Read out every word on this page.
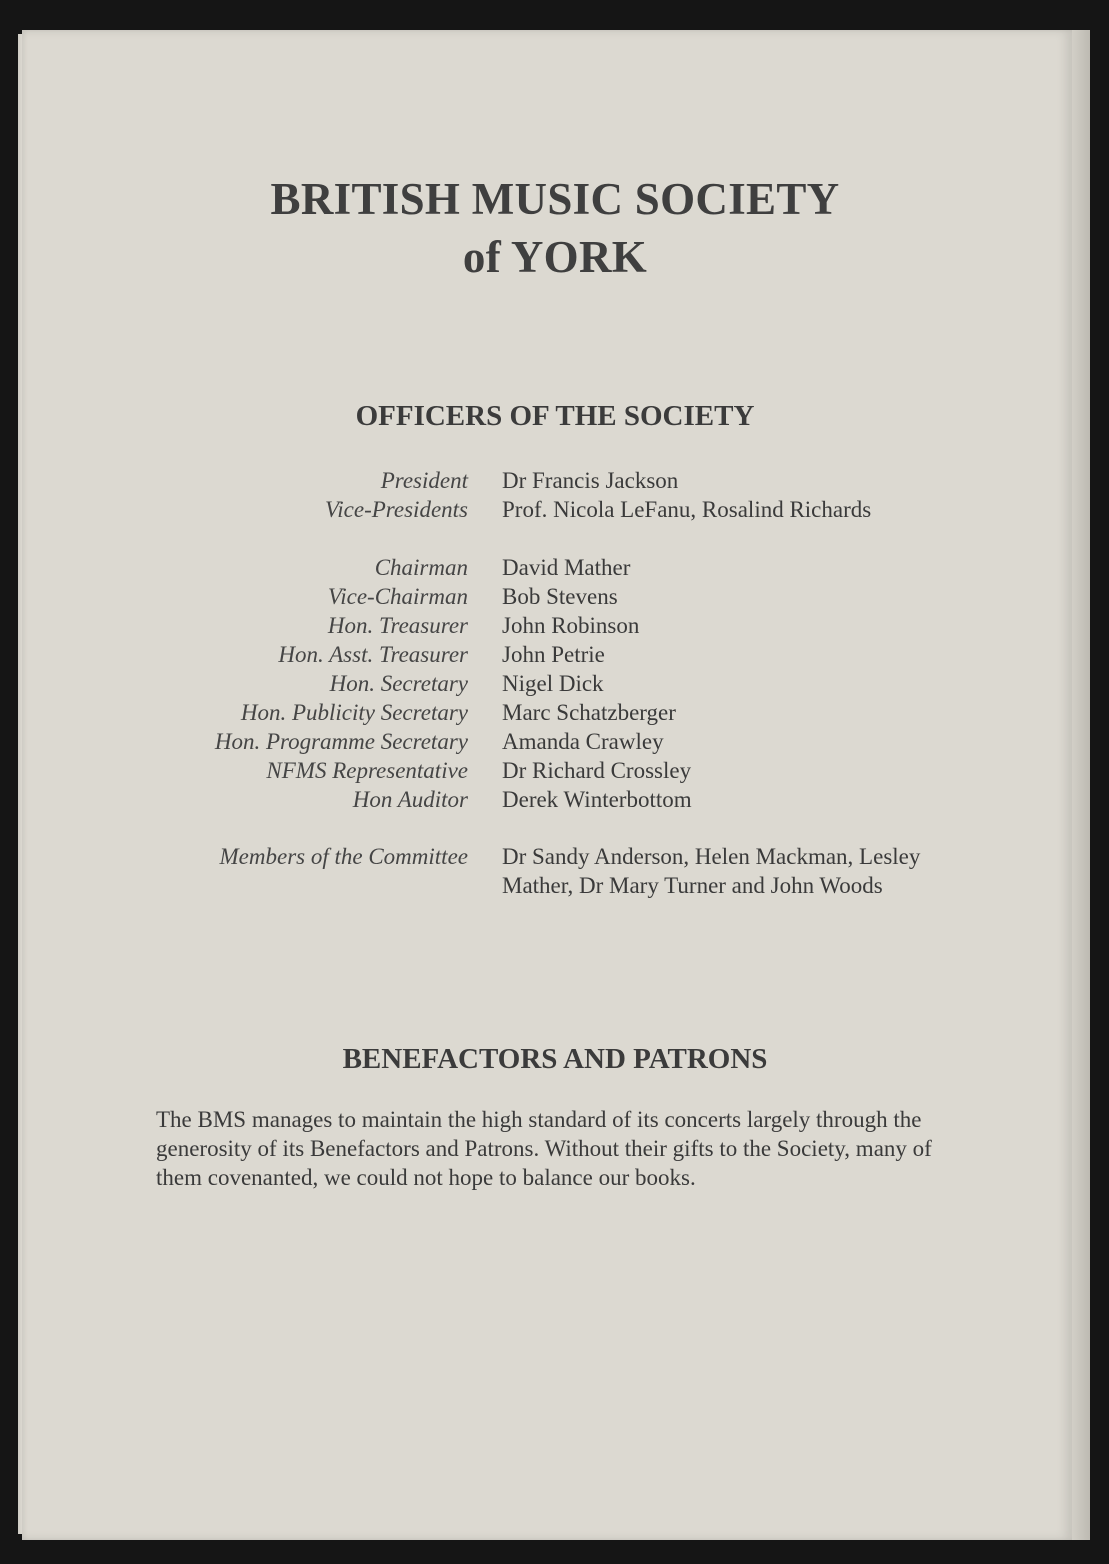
BRITISH MUSIC SOCIETY
of YORK
OFFICERS OF THE SOCIETY
President Dr Francis Jackson
Vice-Presidents Prof. Nicola LeFanu, Rosalind Richards
Chairman David Mather
Vice-Chairman Bob Stevens
Hon. Treasurer John Robinson
Hon. Asst. Treasurer John Petrie
Hon. Secretary Nigel Dick
Hon. Publicity Secretary Marc Schatzberger
Hon. Programme Secretary Amanda Crawley
NFMS Representative Dr Richard Crossley
Hon Auditor Derek Winterbottom
Members of the Committee Dr Sandy Anderson, Helen Mackman, Lesley Mather, Dr Mary Turner and John Woods
BENEFACTORS AND PATRONS
The BMS manages to maintain the high standard of its concerts largely through the generosity of its Benefactors and Patrons. Without their gifts to the Society, many of them covenanted, we could not hope to balance our books.
